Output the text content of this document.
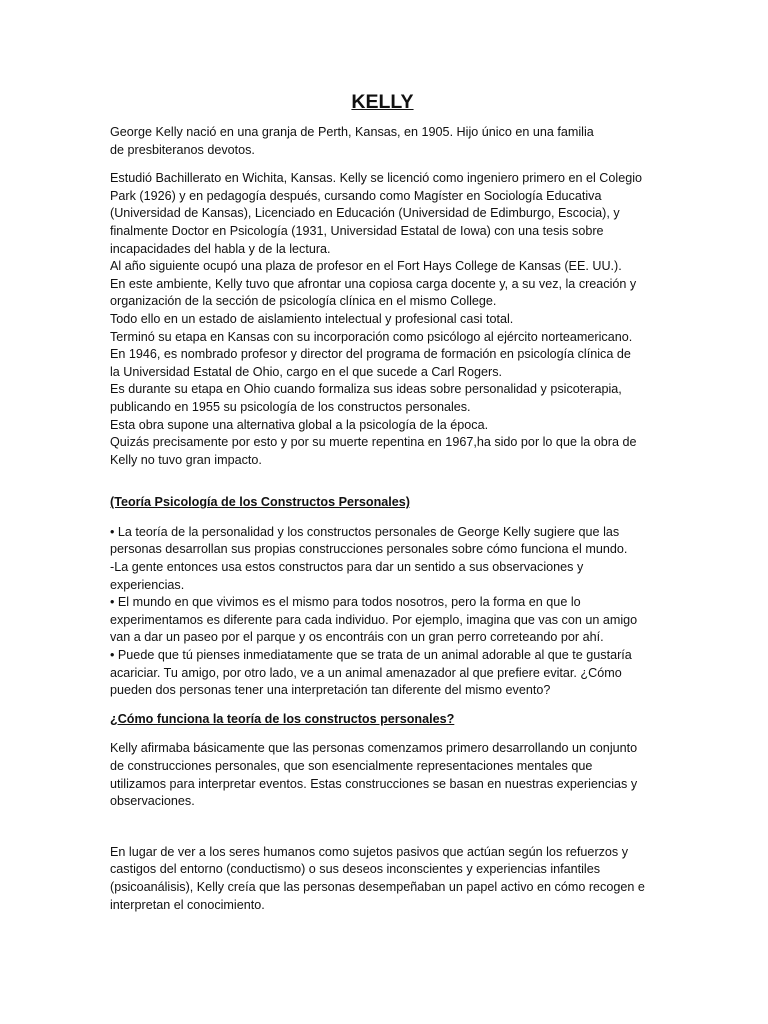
KELLY

George Kelly nació en una granja de Perth, Kansas, en 1905. Hijo único en una familia
de presbiteranos devotos.

Estudió Bachillerato en Wichita, Kansas. Kelly se licenció como ingeniero primero en el Colegio
Park (1926) y en pedagogía después, cursando como Magíster en Sociología Educativa
(Universidad de Kansas), Licenciado en Educación (Universidad de Edimburgo, Escocia), y
finalmente Doctor en Psicología (1931, Universidad Estatal de Iowa) con una tesis sobre
incapacidades del habla y de la lectura.
Al año siguiente ocupó una plaza de profesor en el Fort Hays College de Kansas (EE. UU.).
En este ambiente, Kelly tuvo que afrontar una copiosa carga docente y, a su vez, la creación y
organización de la sección de psicología clínica en el mismo College.
Todo ello en un estado de aislamiento intelectual y profesional casi total.
Terminó su etapa en Kansas con su incorporación como psicólogo al ejército norteamericano.
En 1946, es nombrado profesor y director del programa de formación en psicología clínica de
la Universidad Estatal de Ohio, cargo en el que sucede a Carl Rogers.
Es durante su etapa en Ohio cuando formaliza sus ideas sobre personalidad y psicoterapia,
publicando en 1955 su psicología de los constructos personales.
Esta obra supone una alternativa global a la psicología de la época.
Quizás precisamente por esto y por su muerte repentina en 1967,ha sido por lo que la obra de
Kelly no tuvo gran impacto.

(Teoría Psicología de los Constructos Personales)

• La teoría de la personalidad y los constructos personales de George Kelly sugiere que las
personas desarrollan sus propias construcciones personales sobre cómo funciona el mundo.
-La gente entonces usa estos constructos para dar un sentido a sus observaciones y
experiencias.
• El mundo en que vivimos es el mismo para todos nosotros, pero la forma en que lo
experimentamos es diferente para cada individuo. Por ejemplo, imagina que vas con un amigo
van a dar un paseo por el parque y os encontráis con un gran perro correteando por ahí.
• Puede que tú pienses inmediatamente que se trata de un animal adorable al que te gustaría
acariciar. Tu amigo, por otro lado, ve a un animal amenazador al que prefiere evitar. ¿Cómo
pueden dos personas tener una interpretación tan diferente del mismo evento?

¿Cómo funciona la teoría de los constructos personales?

Kelly afirmaba básicamente que las personas comenzamos primero desarrollando un conjunto
de construcciones personales, que son esencialmente representaciones mentales que
utilizamos para interpretar eventos. Estas construcciones se basan en nuestras experiencias y
observaciones.

En lugar de ver a los seres humanos como sujetos pasivos que actúan según los refuerzos y
castigos del entorno (conductismo) o sus deseos inconscientes y experiencias infantiles
(psicoanálisis), Kelly creía que las personas desempeñaban un papel activo en cómo recogen e
interpretan el conocimiento.
